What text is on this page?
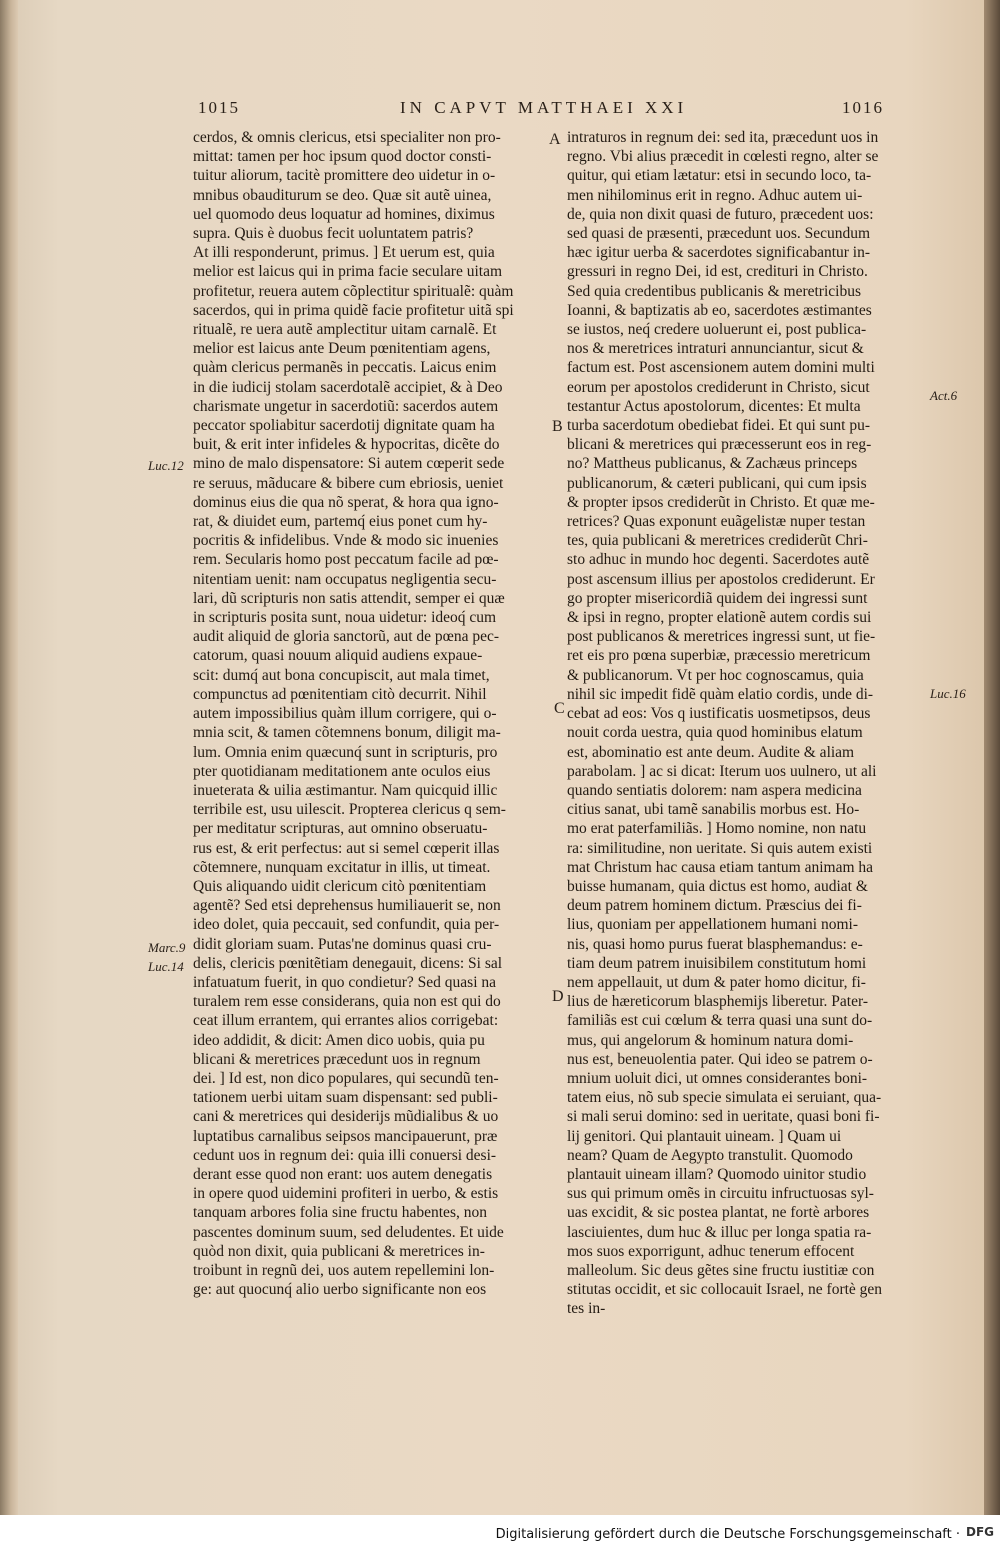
1015	IN CAPVT MATTHAEI XXI	1016
cerdos, & omnis clericus, etsi specialiter non pro-
mittat: tamen per hoc ipsum quod doctor consti-
tuitur aliorum, tacitè promittere deo uidetur in o-
mnibus obauditurum se deo. Quæ sit autẽ uinea,
uel quomodo deus loquatur ad homines, diximus
supra. Quis è duobus fecit uoluntatem patris?
At illi responderunt, primus. ] Et uerum est, quia
melior est laicus qui in prima facie seculare uitam
profitetur, reuera autem cõplectitur spiritualẽ: quàm
sacerdos, qui in prima quidẽ facie profitetur uitã spi
ritualẽ, re uera autẽ amplectitur uitam carnalẽ. Et
melior est laicus ante Deum pœnitentiam agens,
quàm clericus permanẽs in peccatis. Laicus enim
in die iudicij stolam sacerdotalẽ accipiet, & à Deo
charismate ungetur in sacerdotiũ: sacerdos autem
peccator spoliabitur sacerdotij dignitate quam ha
buit, & erit inter infideles & hypocritas, dicẽte do
mino de malo dispensatore: Si autem cœperit sede
re seruus, mãducare & bibere cum ebriosis, ueniet
dominus eius die qua nõ sperat, & hora qua igno-
rat, & diuidet eum, partemq́ eius ponet cum hy-
pocritis & infidelibus. Vnde & modo sic inuenies
rem. Secularis homo post peccatum facile ad pœ-
nitentiam uenit: nam occupatus negligentia secu-
lari, dũ scripturis non satis attendit, semper ei quæ
in scripturis posita sunt, noua uidetur: ideoq́ cum
audit aliquid de gloria sanctorũ, aut de pœna pec-
catorum, quasi nouum aliquid audiens expaue-
scit: dumq́ aut bona concupiscit, aut mala timet,
compunctus ad pœnitentiam citò decurrit. Nihil
autem impossibilius quàm illum corrigere, qui o-
mnia scit, & tamen cõtemnens bonum, diligit ma-
lum. Omnia enim quæcunq́ sunt in scripturis, pro
pter quotidianam meditationem ante oculos eius
inueterata & uilia æstimantur. Nam quicquid illic
terribile est, usu uilescit. Propterea clericus q sem-
per meditatur scripturas, aut omnino obseruatu-
rus est, & erit perfectus: aut si semel cœperit illas
cõtemnere, nunquam excitatur in illis, ut timeat.
Quis aliquando uidit clericum citò pœnitentiam
agentẽ? Sed etsi deprehensus humiliauerit se, non
ideo dolet, quia peccauit, sed confundit, quia per-
didit gloriam suam. Putas'ne dominus quasi cru-
delis, clericis pœnitẽtiam denegauit, dicens: Si sal
infatuatum fuerit, in quo condietur? Sed quasi na
turalem rem esse considerans, quia non est qui do
ceat illum errantem, qui errantes alios corrigebat:
ideo addidit, & dicit: Amen dico uobis, quia pu
blicani & meretrices præcedunt uos in regnum
dei. ] Id est, non dico populares, qui secundũ ten-
tationem uerbi uitam suam dispensant: sed publi-
cani & meretrices qui desiderijs mũdialibus & uo
luptatibus carnalibus seipsos mancipauerunt, præ
cedunt uos in regnum dei: quia illi conuersi desi-
derant esse quod non erant: uos autem denegatis
in opere quod uidemini profiteri in uerbo, & estis
tanquam arbores folia sine fructu habentes, non
pascentes dominum suum, sed deludentes. Et uide
quòd non dixit, quia publicani & meretrices in-
troibunt in regnũ dei, uos autem repellemini lon-
ge: aut quocunq́ alio uerbo significante non eos
intraturos in regnum dei: sed ita, præcedunt uos in
regno. Vbi alius præcedit in cœlesti regno, alter se
quitur, qui etiam lætatur: etsi in secundo loco, ta-
men nihilominus erit in regno. Adhuc autem ui-
de, quia non dixit quasi de futuro, præcedent uos:
sed quasi de præsenti, præcedunt uos. Secundum
hæc igitur uerba & sacerdotes significabantur in-
gressuri in regno Dei, id est, credituri in Christo.
Sed quia credentibus publicanis & meretricibus
Ioanni, & baptizatis ab eo, sacerdotes æstimantes
se iustos, neq́ credere uoluerunt ei, post publica-
nos & meretrices intraturi annunciantur, sicut &
factum est. Post ascensionem autem domini multi
eorum per apostolos crediderunt in Christo, sicut
testantur Actus apostolorum, dicentes: Et multa
turba sacerdotum obediebat fidei. Et qui sunt pu-
blicani & meretrices qui præcesserunt eos in reg-
no? Mattheus publicanus, & Zachæus princeps
publicanorum, & cæteri publicani, qui cum ipsis
& propter ipsos crediderũt in Christo. Et quæ me-
retrices? Quas exponunt euãgelistæ nuper testan
tes, quia publicani & meretrices crediderũt Chri-
sto adhuc in mundo hoc degenti. Sacerdotes autẽ
post ascensum illius per apostolos crediderunt. Er
go propter misericordiã quidem dei ingressi sunt
& ipsi in regno, propter elationẽ autem cordis sui
post publicanos & meretrices ingressi sunt, ut fie-
ret eis pro pœna superbiæ, præcessio meretricum
& publicanorum. Vt per hoc cognoscamus, quia
nihil sic impedit fidẽ quàm elatio cordis, unde di-
cebat ad eos: Vos q iustificatis uosmetipsos, deus
nouit corda uestra, quia quod hominibus elatum
est, abominatio est ante deum. Audite & aliam
parabolam. ] ac si dicat: Iterum uos uulnero, ut ali
quando sentiatis dolorem: nam aspera medicina
citius sanat, ubi tamẽ sanabilis morbus est. Ho-
mo erat paterfamiliãs. ] Homo nomine, non natu
ra: similitudine, non ueritate. Si quis autem existi
mat Christum hac causa etiam tantum animam ha
buisse humanam, quia dictus est homo, audiat &
deum patrem hominem dictum. Præscius dei fi-
lius, quoniam per appellationem humani nomi-
nis, quasi homo purus fuerat blasphemandus: e-
tiam deum patrem inuisibilem constitutum homi
nem appellauit, ut dum & pater homo dicitur, fi-
lius de hæreticorum blasphemijs liberetur. Pater-
familiãs est cui cœlum & terra quasi una sunt do-
mus, qui angelorum & hominum natura domi-
nus est, beneuolentia pater. Qui ideo se patrem o-
mnium uoluit dici, ut omnes considerantes boni-
tatem eius, nõ sub specie simulata ei seruiant, qua-
si mali serui domino: sed in ueritate, quasi boni fi-
lij genitori. Qui plantauit uineam. ] Quam ui
neam? Quam de Aegypto transtulit. Quomodo
plantauit uineam illam? Quomodo uinitor studio
sus qui primum omẽs in circuitu infructuosas syl-
uas excidit, & sic postea plantat, ne fortè arbores
lasciuientes, dum huc & illuc per longa spatia ra-
mos suos exporrigunt, adhuc tenerum effocent
malleolum. Sic deus gẽtes sine fructu iustitiæ con
stitutas occidit, et sic collocauit Israel, ne fortè gen
tes in-
A
B
C
D
Luc.12
Marc.9
Luc.14
Act.6
Luc.16
Digitalisierung gefördert durch die Deutsche Forschungsgemeinschaft · DFG
